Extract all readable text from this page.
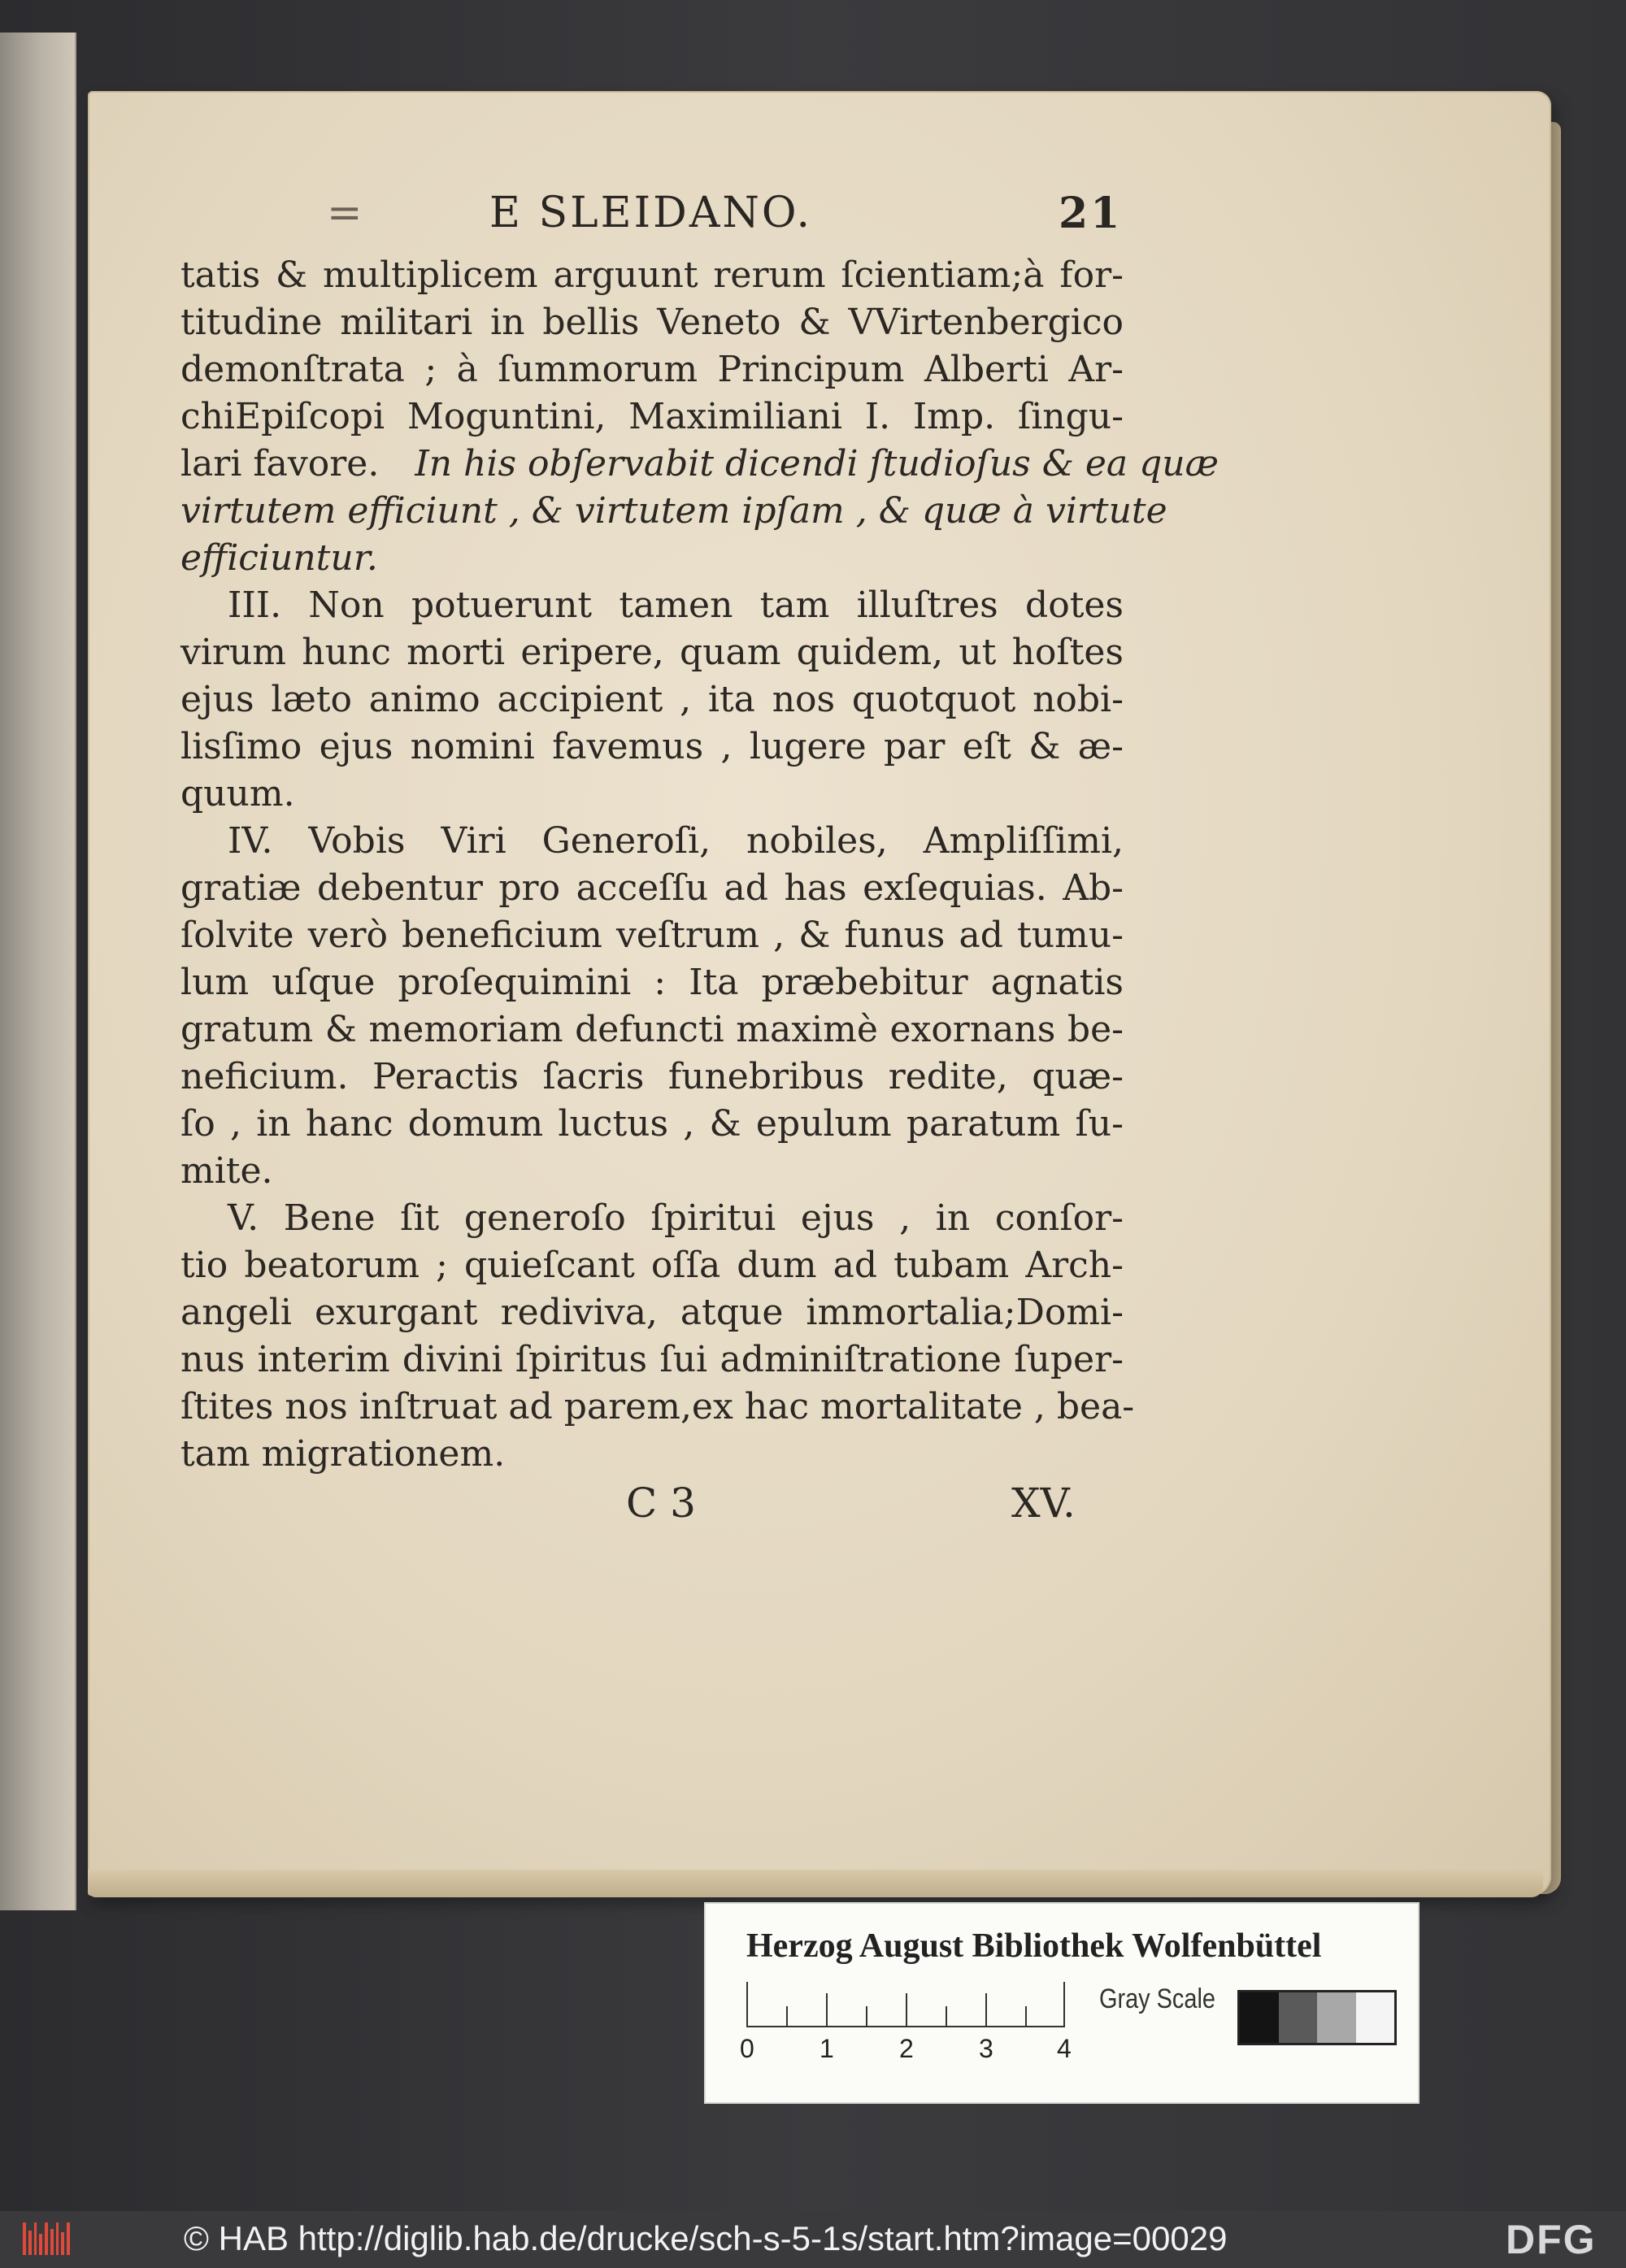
=	E SLEIDANO.	21
tatis & multiplicem arguunt rerum ſcientiam;à for-
titudine militari in bellis Veneto & VVirtenbergico
demonſtrata ; à ſummorum Principum Alberti Ar-
chiEpiſcopi Moguntini, Maximiliani I. Imp. ſingu-
lari favore. In his obſervabit dicendi ſtudioſus & ea quæ
virtutem efficiunt , & virtutem ipſam , & quæ à virtute
efficiuntur.
III. Non potuerunt tamen tam illuſtres dotes
virum hunc morti eripere, quam quidem, ut hoſtes
ejus læto animo accipient , ita nos quotquot nobi-
lisſimo ejus nomini favemus , lugere par eſt & æ-
quum.
IV. Vobis Viri Generoſi, nobiles, Ampliſſimi,
gratiæ debentur pro acceſſu ad has exſequias. Ab-
ſolvite verò beneficium veſtrum , & funus ad tumu-
lum uſque proſequimini : Ita præbebitur agnatis
gratum & memoriam defuncti maximè exornans be-
neficium. Peractis ſacris funebribus redite, quæ-
ſo , in hanc domum luctus , & epulum paratum ſu-
mite.
V. Bene ſit generoſo ſpiritui ejus , in conſor-
tio beatorum ; quieſcant oſſa dum ad tubam Arch-
angeli exurgant rediviva, atque immortalia;Domi-
nus interim divini ſpiritus ſui adminiſtratione ſuper-
ſtites nos inſtruat ad parem,ex hac mortalitate , bea-
tam migrationem.
C 3	XV.
Herzog August Bibliothek Wolfenbüttel
0	1	2	3 4
Gray Scale
© HAB http://diglib.hab.de/drucke/sch-s-5-1s/start.htm?image=00029	DFG
